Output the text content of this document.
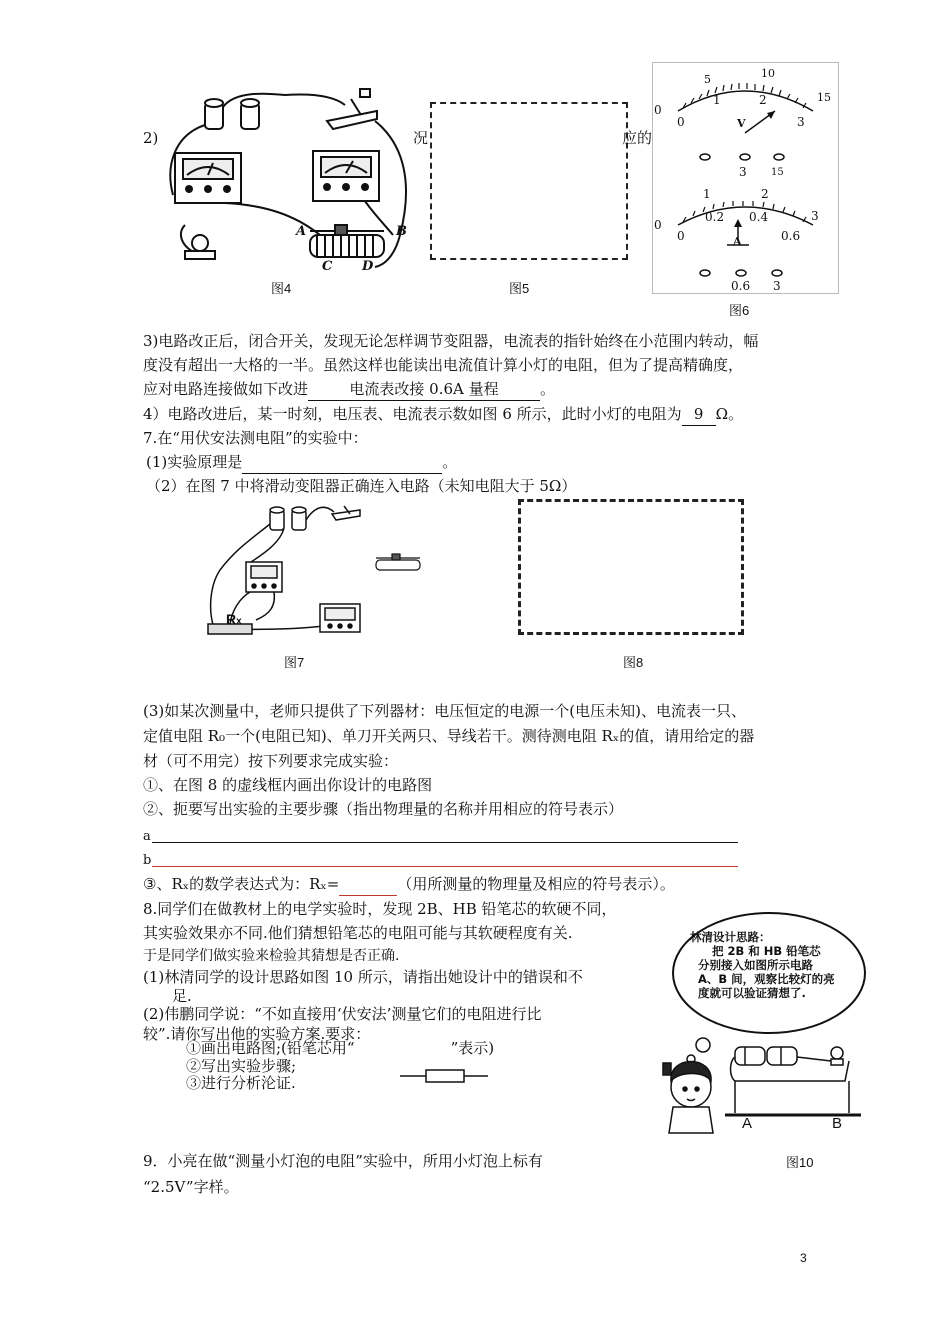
2)	况	应的
A	B
C D
图4	图5
0
5	10
15
0
1	2
3
V
3 15
0
1	2
3
0
0.2 0.4
0.6
A
0.6 3
图6
3)电路改正后，闭合开关，发现无论怎样调节变阻器，电流表的指针始终在小范围内转动，幅
度没有超出一大格的一半。虽然这样也能读出电流值计算小灯的电阻，但为了提高精确度，
应对电路连接做如下改进	电流表改接 0.6A 量程	。
4）电路改进后，某一时刻，电压表、电流表示数如图 6 所示，此时小灯的电阻为 9 Ω。
7.在“用伏安法测电阻”的实验中：
(1)实验原理是	。
（2）在图 7 中将滑动变阻器正确连入电路（未知电阻大于 5Ω）
Rx
图7	图8
(3)如某次测量中，老师只提供了下列器材：电压恒定的电源一个(电压未知)、电流表一只、
定值电阻 R₀一个(电阻已知)、单刀开关两只、导线若干。测待测电阻 Rₓ的值，请用给定的器
材（可不用完）按下列要求完成实验：
①、在图 8 的虚线框内画出你设计的电路图
②、扼要写出实验的主要步骤（指出物理量的名称并用相应的符号表示）
a
b
③、Rₓ的数学表达式为：Rₓ=	（用所测量的物理量及相应的符号表示）。
8.同学们在做教材上的电学实验时，发现 2B、HB 铅笔芯的软硬不同，
其实验效果亦不同.他们猜想铅笔芯的电阻可能与其软硬程度有关.
于是同学们做实验来检验其猜想是否正确.
(1)林清同学的设计思路如图 10 所示，请指出她设计中的错误和不
足.
(2)伟鹏同学说：“不如直接用‘伏安法’测量它们的电阻进行比
较”.请你写出他的实验方案.要求：
①画出电路图;(铅笔芯用“	”表示)
②写出实验步骤;
③进行分析沦证.
林清设计思路：
把 2B 和 HB 铅笔芯
分别接入如图所示电路
A、B 间，观察比较灯的亮
度就可以验证猜想了.
A	B
图10
9．小亮在做“测量小灯泡的电阻”实验中，所用小灯泡上标有
“2.5V”字样。
3
